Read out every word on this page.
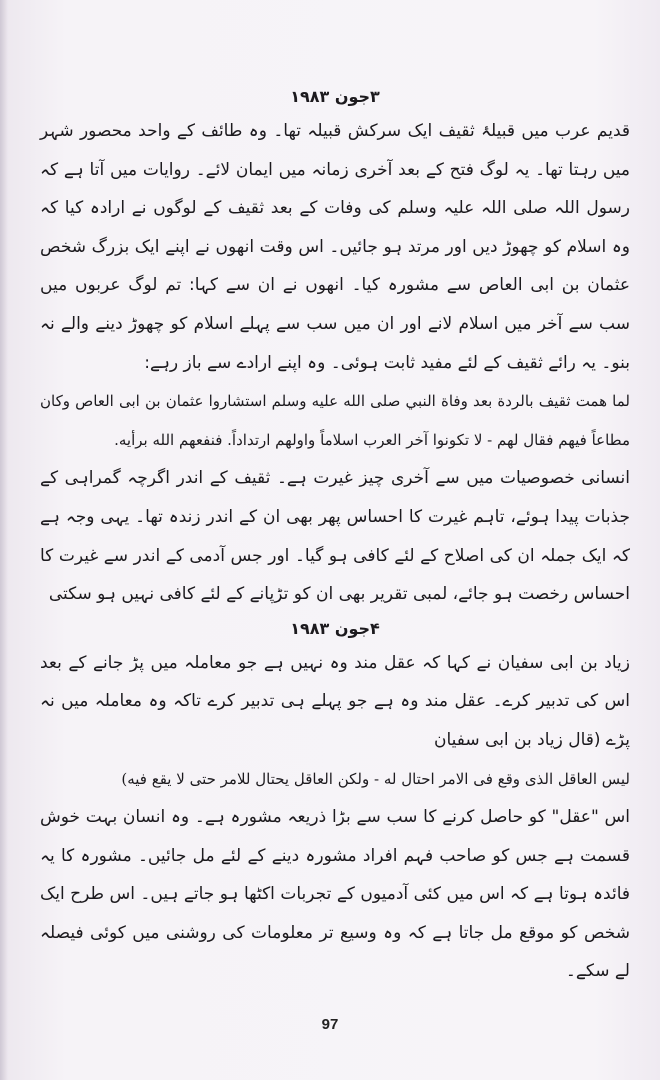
۳جون ۱۹۸۳

قدیم عرب میں قبیلۂ ثقیف ایک سرکش قبیلہ تھا۔ وہ طائف کے واحد محصور شہر میں رہتا تھا۔ یہ لوگ فتح کے بعد آخری زمانہ میں ایمان لائے۔ روایات میں آتا ہے کہ رسول اللہ صلی اللہ علیہ وسلم کی وفات کے بعد ثقیف کے لوگوں نے ارادہ کیا کہ وہ اسلام کو چھوڑ دیں اور مرتد ہو جائیں۔ اس وقت انھوں نے اپنے ایک بزرگ شخص عثمان بن ابی العاص سے مشورہ کیا۔ انھوں نے ان سے کہا: تم لوگ عربوں میں سب سے آخر میں اسلام لانے اور ان میں سب سے پہلے اسلام کو چھوڑ دینے والے نہ بنو۔ یہ رائے ثقیف کے لئے مفید ثابت ہوئی۔ وہ اپنے ارادے سے باز رہے:

لما همت ثقيف بالردة بعد وفاة النبي صلى الله عليه وسلم استشاروا عثمان بن ابى العاص وكان مطاعاً فيهم فقال لهم - لا تكونوا آخر العرب اسلاماً واولهم ارتداداً. فنفعهم الله برأيه.

انسانی خصوصیات میں سے آخری چیز غیرت ہے۔ ثقیف کے اندر اگرچہ گمراہی کے جذبات پیدا ہوئے، تاہم غیرت کا احساس پھر بھی ان کے اندر زندہ تھا۔ یہی وجہ ہے کہ ایک جملہ ان کی اصلاح کے لئے کافی ہو گیا۔ اور جس آدمی کے اندر سے غیرت کا احساس رخصت ہو جائے، لمبی تقریر بھی ان کو تڑپانے کے لئے کافی نہیں ہو سکتی

۴جون ۱۹۸۳

زیاد بن ابی سفیان نے کہا کہ عقل مند وہ نہیں ہے جو معاملہ میں پڑ جانے کے بعد اس کی تدبیر کرے۔ عقل مند وہ ہے جو پہلے ہی تدبیر کرے تاکہ وہ معاملہ میں نہ پڑے (قال زیاد بن ابی سفیان

ليس العاقل الذى وقع فى الامر احتال له - ولكن العاقل يحتال للامر حتى لا يقع فيه)

اس "عقل" کو حاصل کرنے کا سب سے بڑا ذریعہ مشورہ ہے۔ وہ انسان بہت خوش قسمت ہے جس کو صاحب فہم افراد مشورہ دینے کے لئے مل جائیں۔ مشورہ کا یہ فائدہ ہوتا ہے کہ اس میں کئی آدمیوں کے تجربات اکٹھا ہو جاتے ہیں۔ اس طرح ایک شخص کو موقع مل جاتا ہے کہ وہ وسیع تر معلومات کی روشنی میں کوئی فیصلہ لے سکے۔

97
